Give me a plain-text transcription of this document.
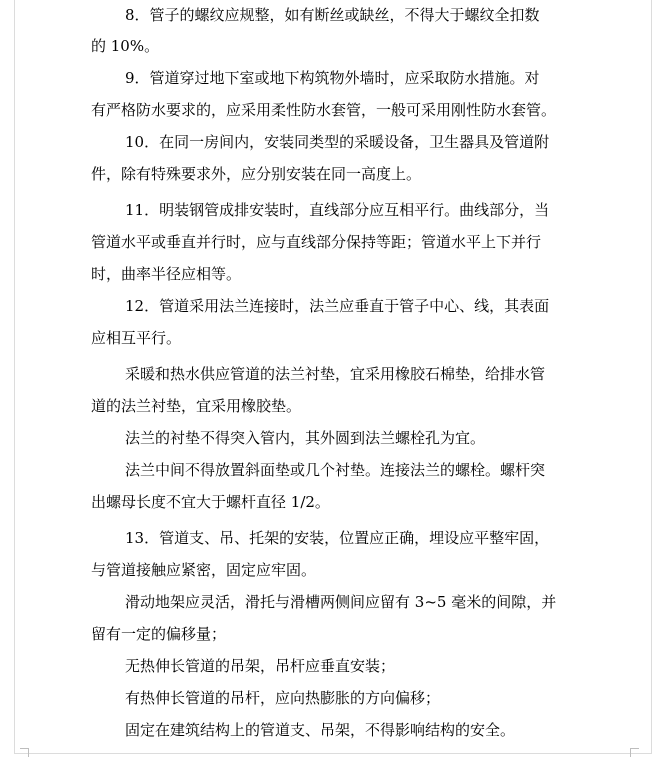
8．管子的螺纹应规整，如有断丝或缺丝，不得大于螺纹全扣数
的 10%。
9．管道穿过地下室或地下构筑物外墙时，应采取防水措施。对
有严格防水要求的，应采用柔性防水套管，一般可采用刚性防水套管。
10．在同一房间内，安装同类型的采暖设备，卫生器具及管道附
件，除有特殊要求外，应分别安装在同一高度上。
11．明装钢管成排安装时，直线部分应互相平行。曲线部分，当
管道水平或垂直并行时，应与直线部分保持等距；管道水平上下并行
时，曲率半径应相等。
12．管道采用法兰连接时，法兰应垂直于管子中心、线，其表面
应相互平行。
采暖和热水供应管道的法兰衬垫，宜采用橡胶石棉垫，给排水管
道的法兰衬垫，宜采用橡胶垫。
法兰的衬垫不得突入管内，其外圆到法兰螺栓孔为宜。
法兰中间不得放置斜面垫或几个衬垫。连接法兰的螺栓。螺杆突
出螺母长度不宜大于螺杆直径 1/2。
13．管道支、吊、托架的安装，位置应正确，埋设应平整牢固，
与管道接触应紧密，固定应牢固。
滑动地架应灵活，滑托与滑槽两侧间应留有 3~5 毫米的间隙，并
留有一定的偏移量；
无热伸长管道的吊架，吊杆应垂直安装；
有热伸长管道的吊杆，应向热膨胀的方向偏移；
固定在建筑结构上的管道支、吊架，不得影响结构的安全。
